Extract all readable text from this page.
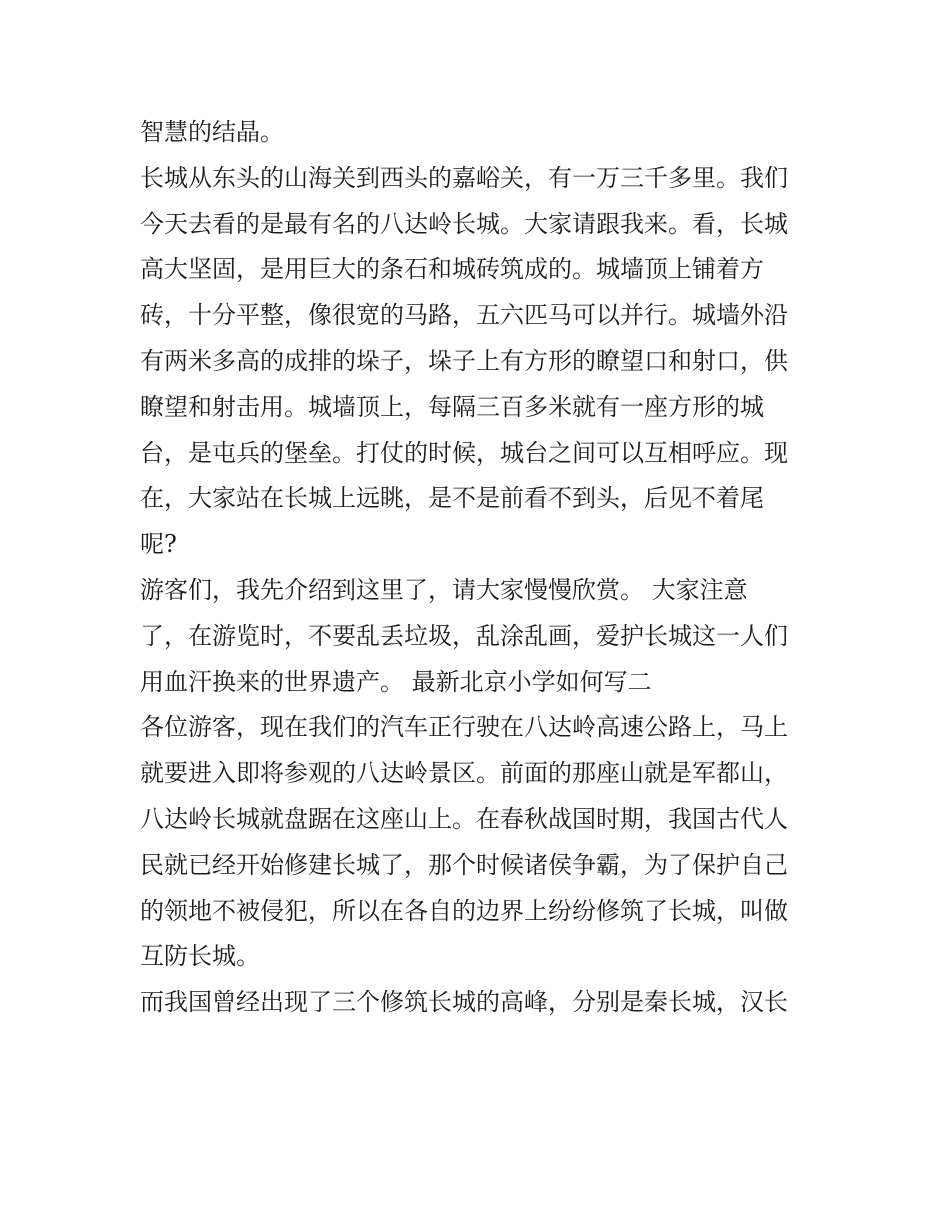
智慧的结晶。
长城从东头的山海关到西头的嘉峪关，有一万三千多里。我们
今天去看的是最有名的八达岭长城。大家请跟我来。看，长城
高大坚固，是用巨大的条石和城砖筑成的。城墙顶上铺着方
砖，十分平整，像很宽的马路，五六匹马可以并行。城墙外沿
有两米多高的成排的垛子，垛子上有方形的瞭望口和射口，供
瞭望和射击用。城墙顶上，每隔三百多米就有一座方形的城
台，是屯兵的堡垒。打仗的时候，城台之间可以互相呼应。现
在，大家站在长城上远眺，是不是前看不到头，后见不着尾
呢?
游客们，我先介绍到这里了，请大家慢慢欣赏。 大家注意
了，在游览时，不要乱丢垃圾，乱涂乱画，爱护长城这一人们
用血汗换来的世界遗产。 最新北京小学如何写二
各位游客，现在我们的汽车正行驶在八达岭高速公路上，马上
就要进入即将参观的八达岭景区。前面的那座山就是军都山，
八达岭长城就盘踞在这座山上。在春秋战国时期，我国古代人
民就已经开始修建长城了，那个时候诸侯争霸，为了保护自己
的领地不被侵犯，所以在各自的边界上纷纷修筑了长城，叫做
互防长城。
而我国曾经出现了三个修筑长城的高峰，分别是秦长城，汉长
